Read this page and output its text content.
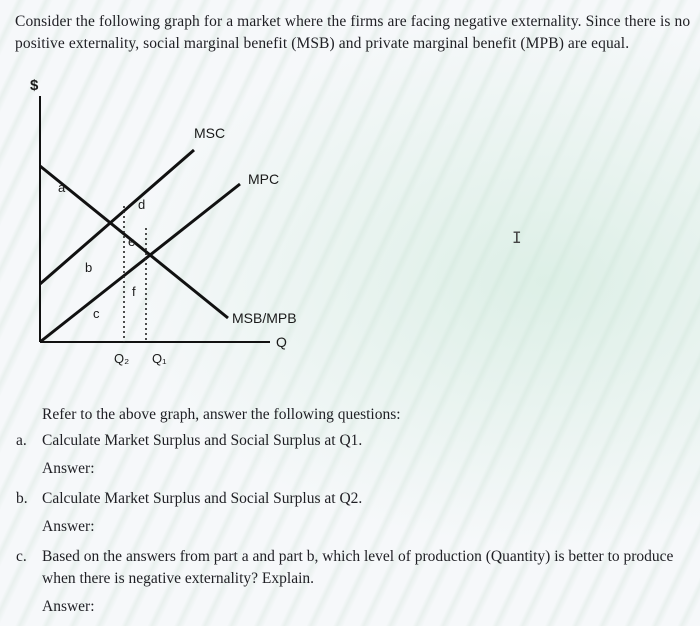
Consider the following graph for a market where the firms are facing negative externality. Since there is no positive externality, social marginal benefit (MSB) and private marginal benefit (MPB) are equal.

$
Q
MSC
MPC
MSB/MPB
a
b
c
d
e
f
Q₂ Q₁
I

Refer to the above graph, answer the following questions:

a. Calculate Market Surplus and Social Surplus at Q1.
Answer:
b. Calculate Market Surplus and Social Surplus at Q2.
Answer:
c. Based on the answers from part a and part b, which level of production (Quantity) is better to produce when there is negative externality? Explain.
Answer:
